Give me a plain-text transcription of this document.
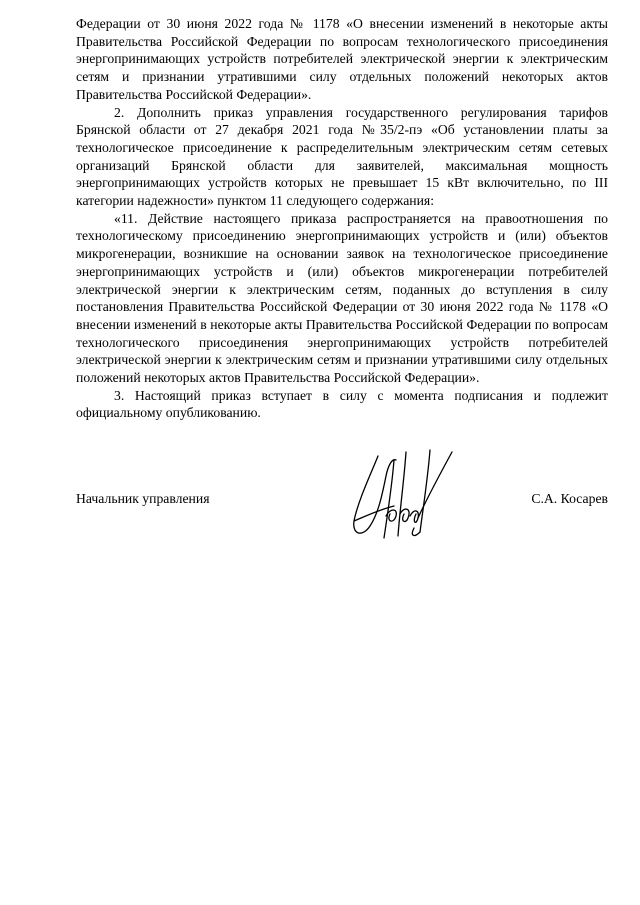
Федерации от 30 июня 2022 года № 1178 «О внесении изменений в некоторые акты Правительства Российской Федерации по вопросам технологического присоединения энергопринимающих устройств потребителей электрической энергии к электрическим сетям и признании утратившими силу отдельных положений некоторых актов Правительства Российской Федерации».

2. Дополнить приказ управления государственного регулирования тарифов Брянской области от 27 декабря 2021 года №35/2-пэ «Об установлении платы за технологическое присоединение к распределительным электрическим сетям сетевых организаций Брянской области для заявителей, максимальная мощность энергопринимающих устройств которых не превышает 15 кВт включительно, по III категории надежности» пунктом 11 следующего содержания:

«11. Действие настоящего приказа распространяется на правоотношения по технологическому присоединению энергопринимающих устройств и (или) объектов микрогенерации, возникшие на основании заявок на технологическое присоединение энергопринимающих устройств и (или) объектов микрогенерации потребителей электрической энергии к электрическим сетям, поданных до вступления в силу постановления Правительства Российской Федерации от 30 июня 2022 года № 1178 «О внесении изменений в некоторые акты Правительства Российской Федерации по вопросам технологического присоединения энергопринимающих устройств потребителей электрической энергии к электрическим сетям и признании утратившими силу отдельных положений некоторых актов Правительства Российской Федерации».

3. Настоящий приказ вступает в силу с момента подписания и подлежит официальному опубликованию.

Начальник управления	С.А. Косарев
